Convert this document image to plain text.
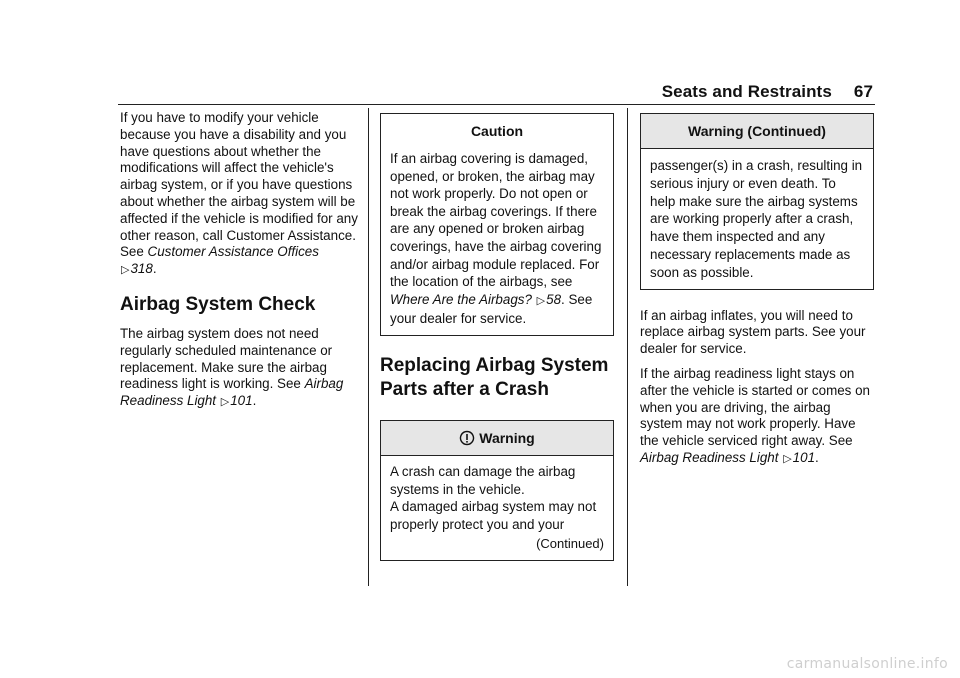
Seats and Restraints 67

If you have to modify your vehicle because you have a disability and you have questions about whether the modifications will affect the vehicle's airbag system, or if you have questions about whether the airbag system will be affected if the vehicle is modified for any other reason, call Customer Assistance. See Customer Assistance Offices
▷318.

Airbag System Check

The airbag system does not need regularly scheduled maintenance or replacement. Make sure the airbag readiness light is working. See Airbag Readiness Light ▷101.

Caution

If an airbag covering is damaged, opened, or broken, the airbag may not work properly. Do not open or break the airbag coverings. If there are any opened or broken airbag coverings, have the airbag covering and/or airbag module replaced. For the location of the airbags, see Where Are the Airbags? ▷58. See your dealer for service.

Replacing Airbag System Parts after a Crash
Warning

A crash can damage the airbag systems in the vehicle.

A damaged airbag system may not properly protect you and your

(Continued)
Warning (Continued)

passenger(s) in a crash, resulting in serious injury or even death. To help make sure the airbag systems are working properly after a crash, have them inspected and any necessary replacements made as soon as possible.

If an airbag inflates, you will need to replace airbag system parts. See your dealer for service.

If the airbag readiness light stays on after the vehicle is started or comes on when you are driving, the airbag system may not work properly. Have the vehicle serviced right away. See Airbag Readiness Light ▷101.

carmanualsonline.info
